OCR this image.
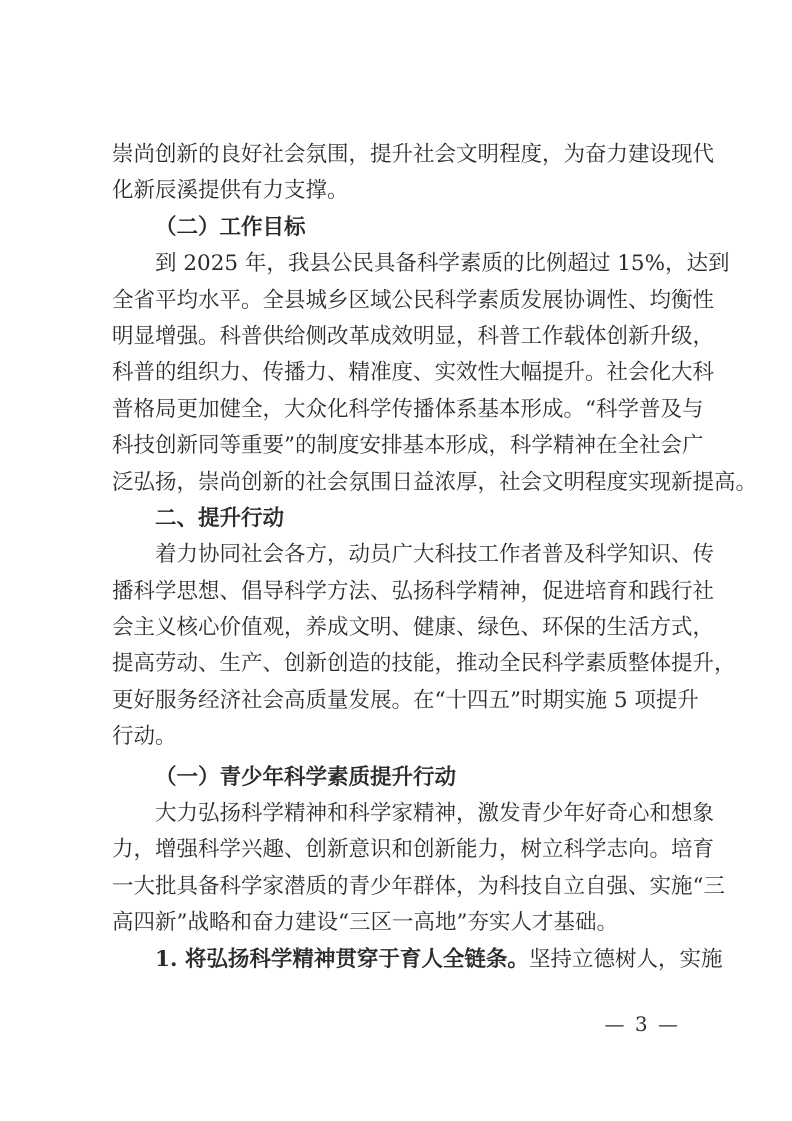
崇尚创新的良好社会氛围，提升社会文明程度，为奋力建设现代
化新辰溪提供有力支撑。
（二）工作目标
到 2025 年，我县公民具备科学素质的比例超过 15%，达到
全省平均水平。全县城乡区域公民科学素质发展协调性、均衡性
明显增强。科普供给侧改革成效明显，科普工作载体创新升级，
科普的组织力、传播力、精准度、实效性大幅提升。社会化大科
普格局更加健全，大众化科学传播体系基本形成。“科学普及与
科技创新同等重要”的制度安排基本形成，科学精神在全社会广
泛弘扬，崇尚创新的社会氛围日益浓厚，社会文明程度实现新提高。
二、提升行动
着力协同社会各方，动员广大科技工作者普及科学知识、传
播科学思想、倡导科学方法、弘扬科学精神，促进培育和践行社
会主义核心价值观，养成文明、健康、绿色、环保的生活方式，
提高劳动、生产、创新创造的技能，推动全民科学素质整体提升，
更好服务经济社会高质量发展。在“十四五”时期实施 5 项提升
行动。
（一）青少年科学素质提升行动
大力弘扬科学精神和科学家精神，激发青少年好奇心和想象
力，增强科学兴趣、创新意识和创新能力，树立科学志向。培育
一大批具备科学家潜质的青少年群体，为科技自立自强、实施“三
高四新”战略和奋力建设“三区一高地”夯实人才基础。
1. 将弘扬科学精神贯穿于育人全链条。坚持立德树人，实施
— 3 —
